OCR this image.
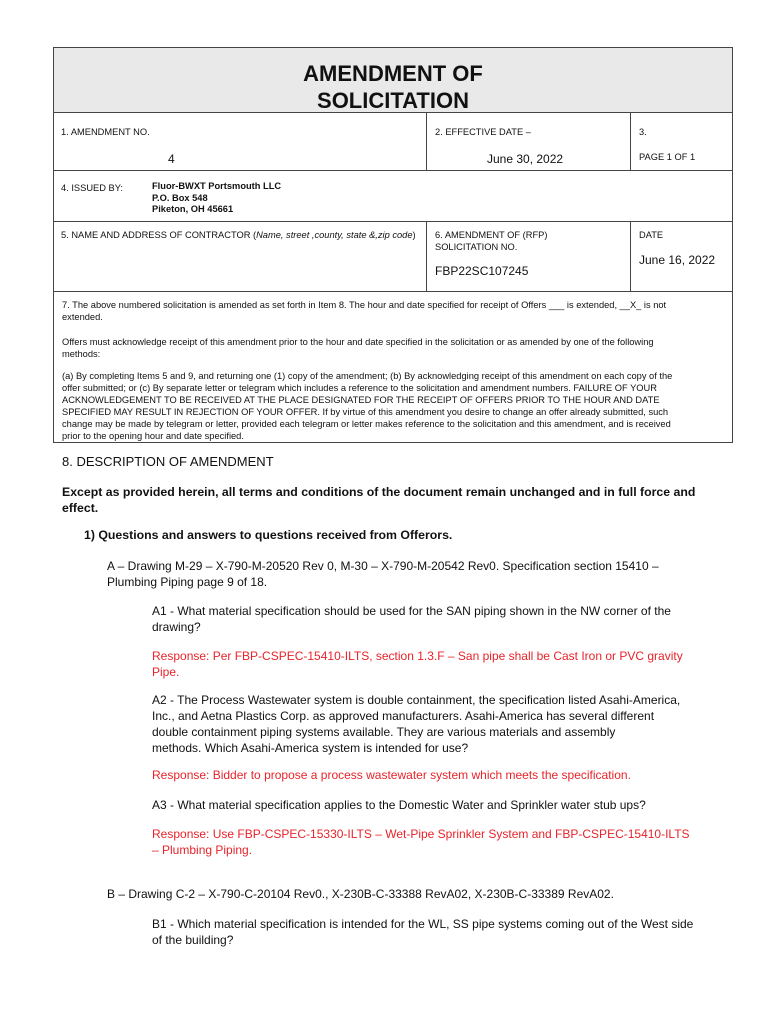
AMENDMENT OF
SOLICITATION
1. AMENDMENT NO.
4
2. EFFECTIVE DATE –
June 30, 2022
3.
PAGE 1 OF 1
4. ISSUED BY:	Fluor-BWXT Portsmouth LLC
P.O. Box 548
Piketon, OH 45661
5. NAME AND ADDRESS OF CONTRACTOR (Name, street ,county, state &,zip code) 6. AMENDMENT OF (RFP)
SOLICITATION NO.
FBP22SC107245
DATE
June 16, 2022
7. The above numbered solicitation is amended as set forth in Item 8. The hour and date specified for receipt of Offers ___ is extended, __X_ is not
extended.
Offers must acknowledge receipt of this amendment prior to the hour and date specified in the solicitation or as amended by one of the following
methods:
(a) By completing Items 5 and 9, and returning one (1) copy of the amendment; (b) By acknowledging receipt of this amendment on each copy of the
offer submitted; or (c) By separate letter or telegram which includes a reference to the solicitation and amendment numbers. FAILURE OF YOUR
ACKNOWLEDGEMENT TO BE RECEIVED AT THE PLACE DESIGNATED FOR THE RECEIPT OF OFFERS PRIOR TO THE HOUR AND DATE
SPECIFIED MAY RESULT IN REJECTION OF YOUR OFFER. If by virtue of this amendment you desire to change an offer already submitted, such
change may be made by telegram or letter, provided each telegram or letter makes reference to the solicitation and this amendment, and is received
prior to the opening hour and date specified.
8. DESCRIPTION OF AMENDMENT
Except as provided herein, all terms and conditions of the document remain unchanged and in full force and
effect.
1) Questions and answers to questions received from Offerors.
A – Drawing M-29 – X-790-M-20520 Rev 0, M-30 – X-790-M-20542 Rev0. Specification section 15410 –
Plumbing Piping page 9 of 18.
A1 - What material specification should be used for the SAN piping shown in the NW corner of the
drawing?
Response: Per FBP-CSPEC-15410-ILTS, section 1.3.F – San pipe shall be Cast Iron or PVC gravity
Pipe.
A2 - The Process Wastewater system is double containment, the specification listed Asahi-America,
Inc., and Aetna Plastics Corp. as approved manufacturers. Asahi-America has several different
double containment piping systems available. They are various materials and assembly
methods. Which Asahi-America system is intended for use?
Response: Bidder to propose a process wastewater system which meets the specification.
A3 - What material specification applies to the Domestic Water and Sprinkler water stub ups?
Response: Use FBP-CSPEC-15330-ILTS – Wet-Pipe Sprinkler System and FBP-CSPEC-15410-ILTS
– Plumbing Piping.
B – Drawing C-2 – X-790-C-20104 Rev0., X-230B-C-33388 RevA02, X-230B-C-33389 RevA02.
B1 - Which material specification is intended for the WL, SS pipe systems coming out of the West side
of the building?
